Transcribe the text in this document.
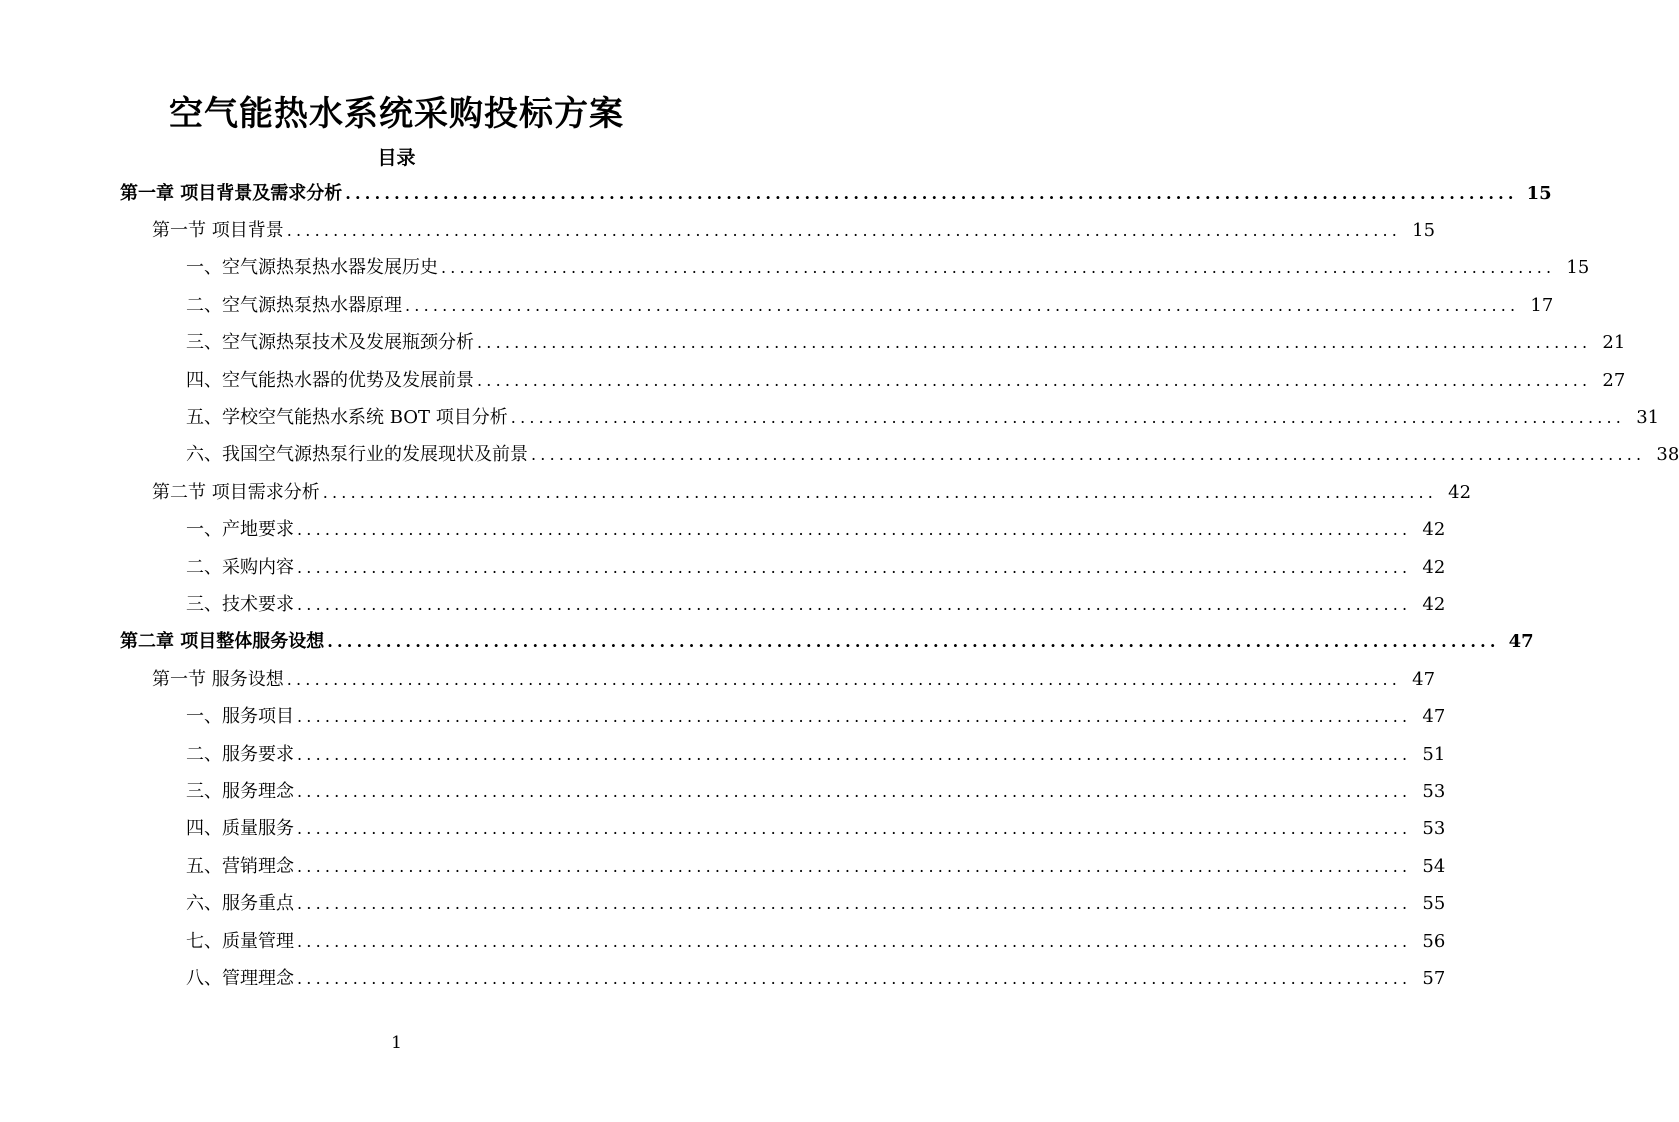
空气能热水系统采购投标方案
目录
第一章 项目背景及需求分析 ........................................................................................................................ 15
第一节 项目背景 ........................................................................................................................ 15
一、空气源热泵热水器发展历史 ........................................................................................................................ 15
二、空气源热泵热水器原理 ........................................................................................................................ 17
三、空气源热泵技术及发展瓶颈分析 ........................................................................................................................ 21
四、空气能热水器的优势及发展前景 ........................................................................................................................ 27
五、学校空气能热水系统 BOT 项目分析 ........................................................................................................................ 31
六、我国空气源热泵行业的发展现状及前景 ........................................................................................................................ 38
第二节 项目需求分析 ........................................................................................................................ 42
一、产地要求 ........................................................................................................................ 42
二、采购内容 ........................................................................................................................ 42
三、技术要求 ........................................................................................................................ 42
第二章 项目整体服务设想 ........................................................................................................................ 47
第一节 服务设想 ........................................................................................................................ 47
一、服务项目 ........................................................................................................................ 47
二、服务要求 ........................................................................................................................ 51
三、服务理念 ........................................................................................................................ 53
四、质量服务 ........................................................................................................................ 53
五、营销理念 ........................................................................................................................ 54
六、服务重点 ........................................................................................................................ 55
七、质量管理 ........................................................................................................................ 56
八、管理理念 ........................................................................................................................ 57
1
